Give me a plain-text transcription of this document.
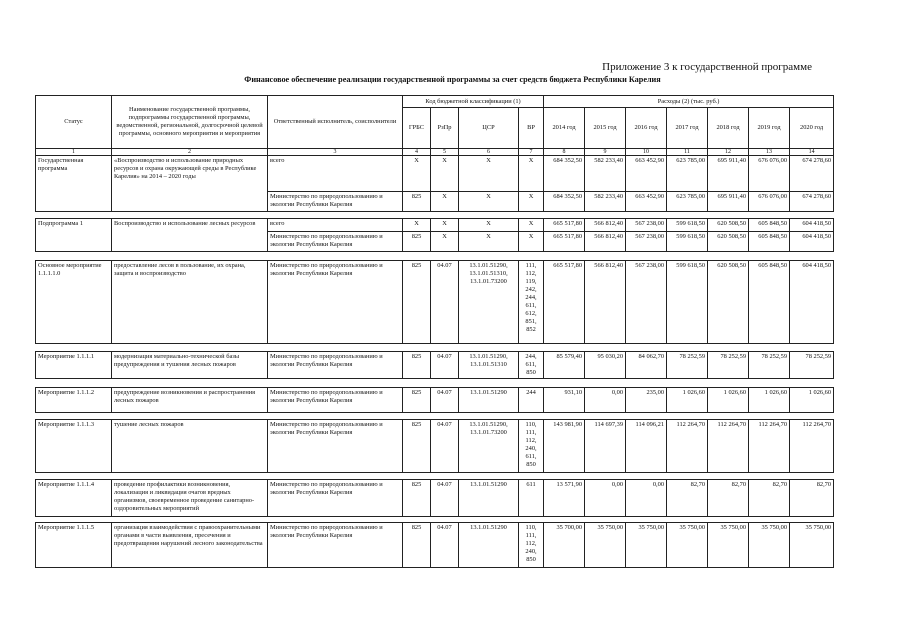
Приложение 3 к государственной программе
Финансовое обеспечение реализации государственной программы за счет средств бюджета Республики Карелия
Статус	Наименование государственной программы, подпрограммы государственной программы, ведомственной, региональной, долгосрочной целевой программы, основного мероприятия и мероприятия	Ответственный исполнитель, соисполнители	Код бюджетной классификации (1)				Расходы (2) (тыс. руб.)						
			ГРБС	РзПр	ЦСР	ВР	2014 год	2015 год	2016 год	2017 год	2018 год	2019 год	2020 год
1	2	3	4	5	6	7	8	9	10	11	12	13	14
Государственная программа	«Воспроизводство и использование природных ресурсов и охрана окружающей среды в Республике Карелия» на 2014 – 2020 годы	всего	Х	Х	Х	Х	684 352,50	582 233,40	663 452,90	623 785,00	695 911,40	676 076,00	674 278,60
		Министерство по природопользованию и экологии Республики Карелия	825	Х	Х	Х	684 352,50	582 233,40	663 452,90	623 785,00	695 911,40	676 076,00	674 278,60

Подпрограмма 1	Воспроизводство и использование лесных ресурсов	всего	Х	Х	Х	Х	665 517,80	566 812,40	567 238,00	599 618,50	620 508,50	605 848,50	604 418,50
		Министерство по природопользованию и экологии Республики Карелия	825	Х	Х	Х	665 517,80	566 812,40	567 238,00	599 618,50	620 508,50	605 848,50	604 418,50

Основное мероприятие 1.1.1.1.0	предоставление лесов в пользование, их охрана, защита и воспроизводство	Министерство по природопользованию и экологии Республики Карелия	825	04.07	13.1.01.51290, 13.1.01.51310, 13.1.01.73200	111, 112, 119, 242, 244, 611, 612, 851, 852	665 517,80	566 812,40	567 238,00	599 618,50	620 508,50	605 848,50	604 418,50

Мероприятие 1.1.1.1	модернизация материально-технической базы предупреждения и тушения лесных пожаров	Министерство по природопользованию и экологии Республики Карелия	825	04.07	13.1.01.51290, 13.1.01.51310	244, 611, 850	85 579,40	95 030,20	84 062,70	78 252,59	78 252,59	78 252,59	78 252,59

Мероприятие 1.1.1.2	предупреждение возникновения и распространения лесных пожаров	Министерство по природопользованию и экологии Республики Карелия	825	04.07	13.1.01.51290	244	931,10	0,00	235,00	1 026,60	1 026,60	1 026,60	1 026,60

Мероприятие 1.1.1.3	тушение лесных пожаров	Министерство по природопользованию и экологии Республики Карелия	825	04.07	13.1.01.51290, 13.1.01.73200	110, 111, 112, 240, 611, 850	143 981,90	114 697,39	114 096,21	112 264,70	112 264,70	112 264,70	112 264,70

Мероприятие 1.1.1.4	проведение профилактики возникновения, локализация и ликвидация очагов вредных организмов, своевременное проведение санитарно-оздоровительных мероприятий	Министерство по природопользованию и экологии Республики Карелия	825	04.07	13.1.01.51290	611	13 571,90	0,00	0,00	82,70	82,70	82,70	82,70

Мероприятие 1.1.1.5	организация взаимодействия с правоохранительными органами в части выявления, пресечения и предотвращения нарушений лесного законодательства	Министерство по природопользованию и экологии Республики Карелия	825	04.07	13.1.01.51290	110, 111, 112, 240, 850	35 700,00	35 750,00	35 750,00	35 750,00	35 750,00	35 750,00	35 750,00
